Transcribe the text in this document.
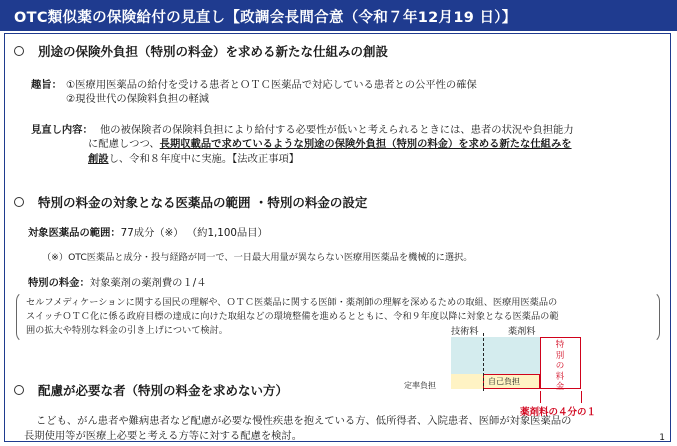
OTC類似薬の保険給付の見直し【政調会長間合意（令和７年12月19 日）】
別途の保険外負担（特別の料金）を求める新たな仕組みの創設
趣旨： ①医療用医薬品の給付を受ける患者とＯＴＣ医薬品で対応している患者との公平性の確保
②現役世代の保険料負担の軽減
見直し内容： 他の被保険者の保険料負担により給付する必要性が低いと考えられるときには、患者の状況や負担能力
に配慮しつつ、長期収載品で求めているような別途の保険外負担（特別の料金）を求める新たな仕組みを
創設し、令和８年度中に実施。【法改正事項】
特別の料金の対象となる医薬品の範囲 ・特別の料金の設定
対象医薬品の範囲：77成分（※） （約1,100品目）
（※）OTC医薬品と成分・投与経路が同一で、一日最大用量が異ならない医療用医薬品を機械的に選択。
特別の料金：対象薬剤の薬剤費の１/４
セルフメディケーションに関する国民の理解や、ＯＴＣ医薬品に関する医師・薬剤師の理解を深めるための取組、医療用医薬品の
スイッチＯＴＣ化に係る政府目標の達成に向けた取組などの環境整備を進めるとともに、令和９年度以降に対象となる医薬品の範
囲の拡大や特別な料金の引き上げについて検討。	技術料	薬剤料
自己負担
特別の料金
定率負担
薬剤料の４分の１
配慮が必要な者（特別の料金を求めない方）
こども、がん患者や難病患者など配慮が必要な慢性疾患を抱えている方、低所得者、入院患者、医師が対象医薬品の
長期使用等が医療上必要と考える方等に対する配慮を検討。	1
